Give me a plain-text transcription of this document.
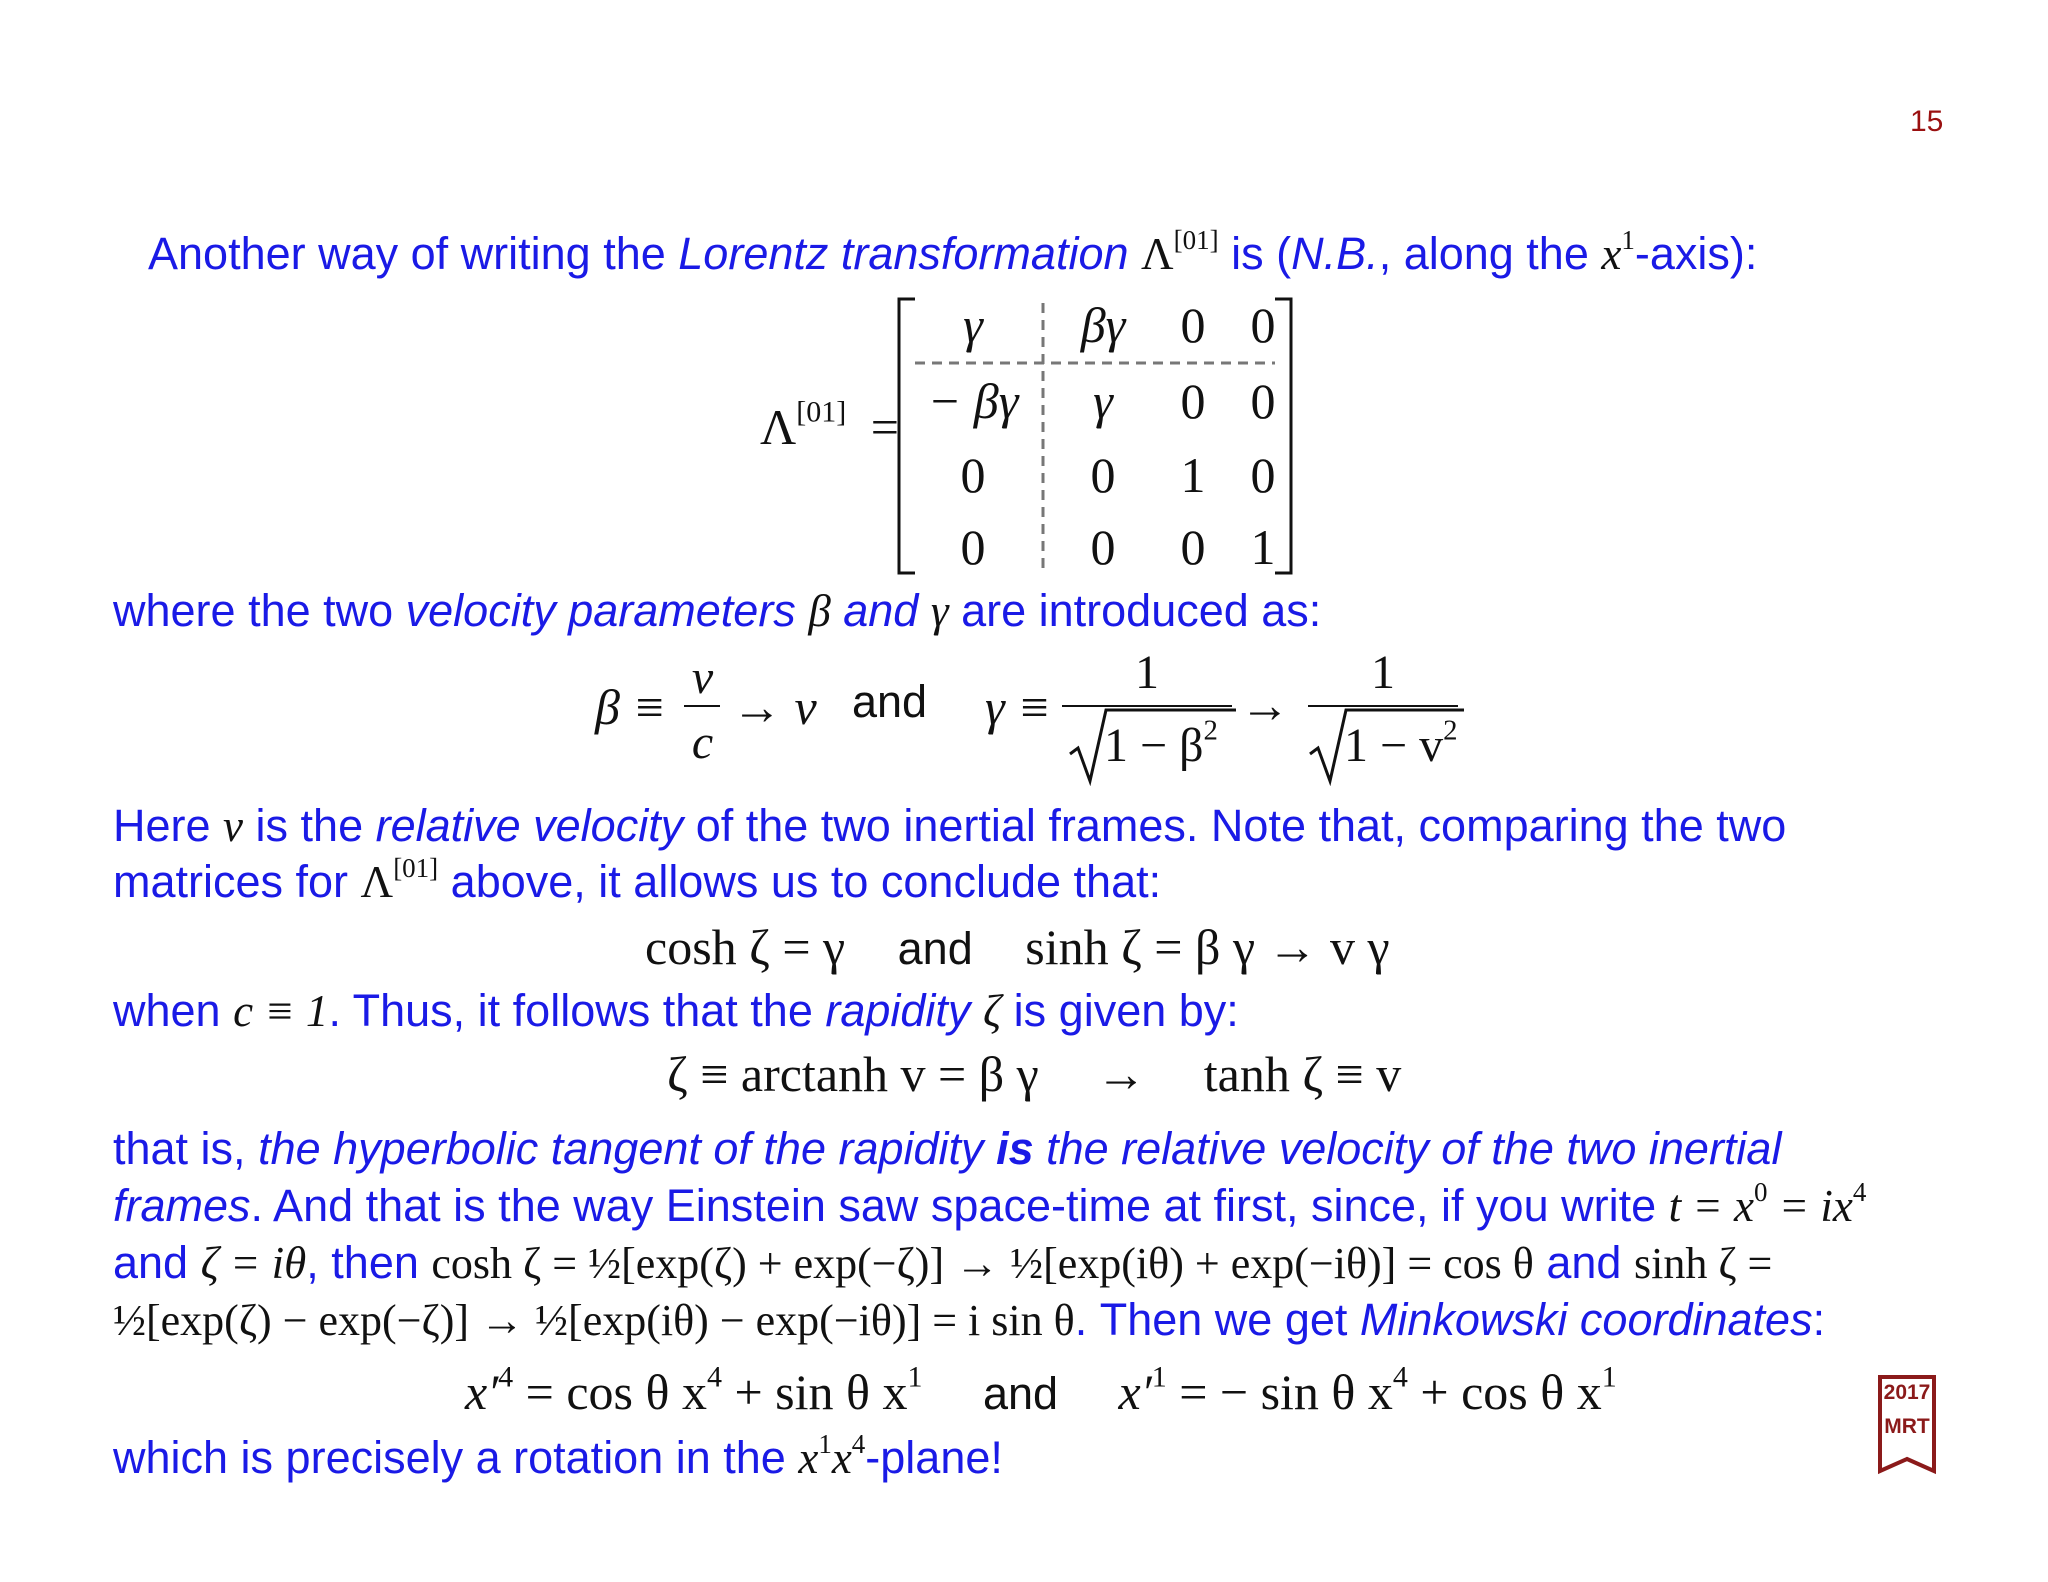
15
Another way of writing the Lorentz transformation Λ[01] is (N.B., along the $x^1-axis$):
Λ[01] =
γ	βγ	0 0
− βγ	γ	0 0
0	0	1 0
0	0	0 1
where the two velocity parameters β and γ are introduced as:
β ≡
v
c
→ v and γ ≡
1
$1 - \beta^2$ →
1
$1 - v^2$
Here v is the relative velocity of the two inertial frames. Note that, comparing the two
matrices for Λ[01] above, it allows us to conclude that:
cosh ζ = γ and sinh ζ = β γ → v γ
when c ≡ 1. Thus, it follows that the rapidity ζ is given by:
ζ ≡ arctanh v = β γ → tanh ζ ≡ v
that is, the hyperbolic tangent of the rapidity is the relative velocity of the two inertial
frames. And that is the way Einstein saw space-time at first, since, if you write $t = x^0 = ix^4$
and ζ = iθ, then cosh ζ = ½[exp(ζ) + exp(−ζ)] → ½[exp(iθ) + exp(−iθ)] = cos θ and sinh ζ =
½[exp(ζ) − exp(−ζ)] → ½[exp(iθ) − exp(−iθ)] = i sin θ. Then we get Minkowski coordinates:
$x'^4 = \cos \theta$ $x^4 + \sin \theta$ $x^1$ and $x'^1$ = − sin θ $x^4 + \cos \theta$ $x^1$
which is precisely a rotation in the $x^1x^4$-plane!
2017
MRT
